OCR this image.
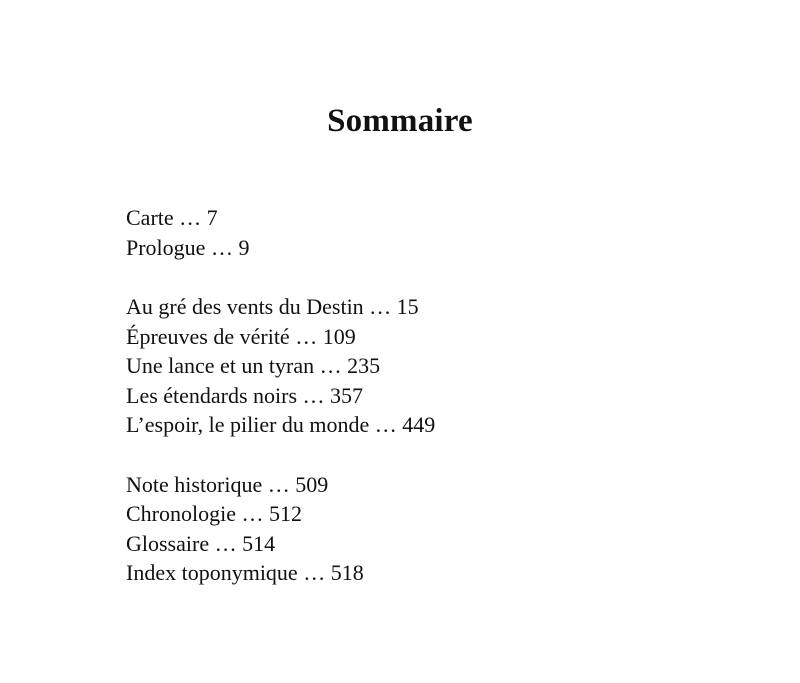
Sommaire
Carte … 7
Prologue … 9
Au gré des vents du Destin … 15
Épreuves de vérité … 109
Une lance et un tyran … 235
Les étendards noirs … 357
L’espoir, le pilier du monde … 449
Note historique … 509
Chronologie … 512
Glossaire … 514
Index toponymique … 518
